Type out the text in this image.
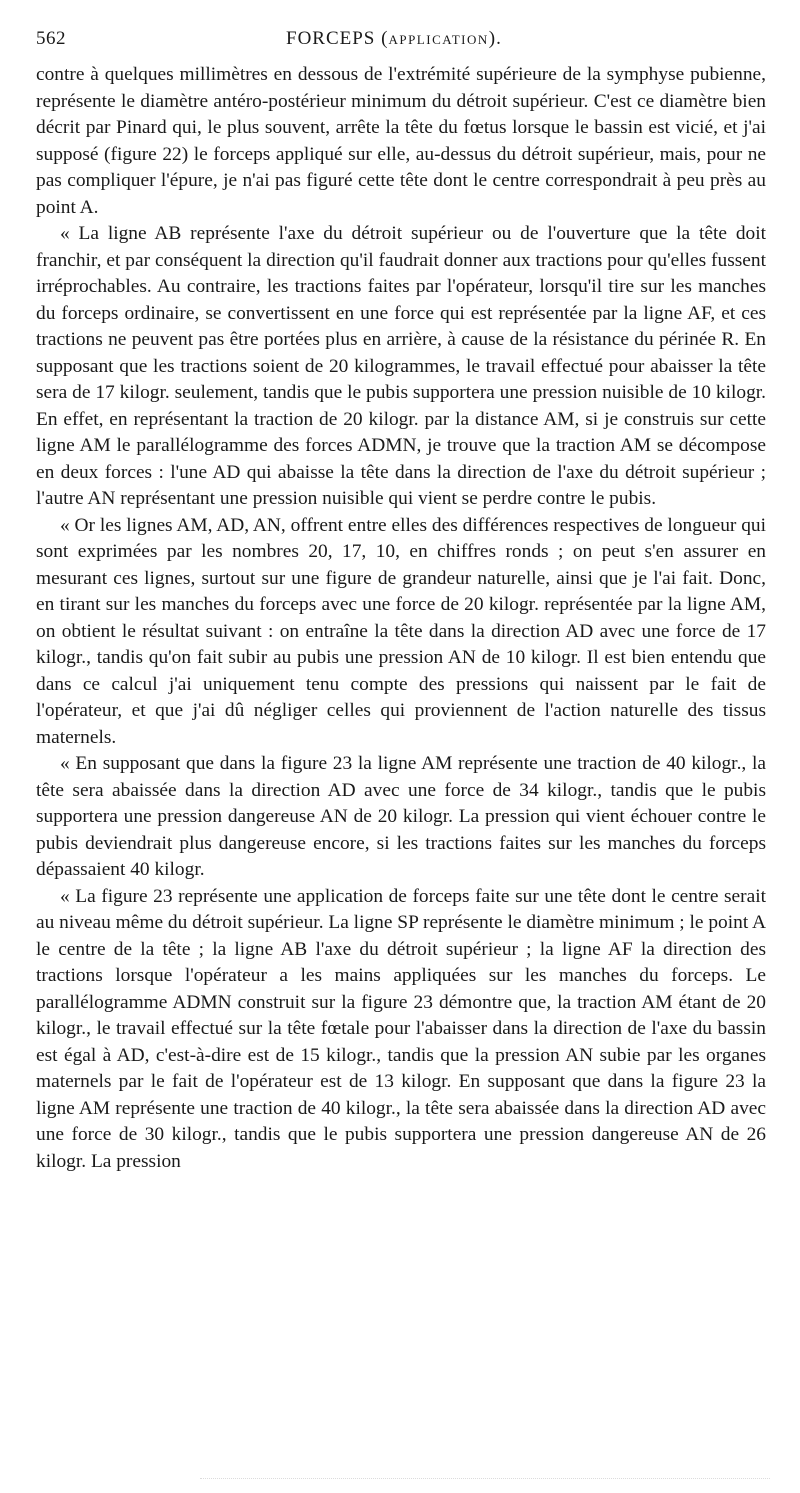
562	FORCEPS (APPLICATION).

contre à quelques millimètres en dessous de l'extrémité supérieure de la symphyse pubienne, représente le diamètre antéro-postérieur minimum du détroit supérieur. C'est ce diamètre bien décrit par Pinard qui, le plus souvent, arrête la tête du fœtus lorsque le bassin est vicié, et j'ai supposé (figure 22) le forceps appliqué sur elle, au-dessus du détroit supérieur, mais, pour ne pas compliquer l'épure, je n'ai pas figuré cette tête dont le centre correspondrait à peu près au point A.

« La ligne AB représente l'axe du détroit supérieur ou de l'ouverture que la tête doit franchir, et par conséquent la direction qu'il faudrait donner aux tractions pour qu'elles fussent irréprochables. Au contraire, les tractions faites par l'opérateur, lorsqu'il tire sur les manches du forceps ordinaire, se convertissent en une force qui est représentée par la ligne AF, et ces tractions ne peuvent pas être portées plus en arrière, à cause de la résistance du périnée R. En supposant que les tractions soient de 20 kilogrammes, le travail effectué pour abaisser la tête sera de 17 kilogr. seulement, tandis que le pubis supportera une pression nuisible de 10 kilogr. En effet, en représentant la traction de 20 kilogr. par la distance AM, si je construis sur cette ligne AM le parallélogramme des forces ADMN, je trouve que la traction AM se décompose en deux forces : l'une AD qui abaisse la tête dans la direction de l'axe du détroit supérieur ; l'autre AN représentant une pression nuisible qui vient se perdre contre le pubis.

« Or les lignes AM, AD, AN, offrent entre elles des différences respectives de longueur qui sont exprimées par les nombres 20, 17, 10, en chiffres ronds ; on peut s'en assurer en mesurant ces lignes, surtout sur une figure de grandeur naturelle, ainsi que je l'ai fait. Donc, en tirant sur les manches du forceps avec une force de 20 kilogr. représentée par la ligne AM, on obtient le résultat suivant : on entraîne la tête dans la direction AD avec une force de 17 kilogr., tandis qu'on fait subir au pubis une pression AN de 10 kilogr. Il est bien entendu que dans ce calcul j'ai uniquement tenu compte des pressions qui naissent par le fait de l'opérateur, et que j'ai dû négliger celles qui proviennent de l'action naturelle des tissus maternels.

« En supposant que dans la figure 23 la ligne AM représente une traction de 40 kilogr., la tête sera abaissée dans la direction AD avec une force de 34 kilogr., tandis que le pubis supportera une pression dangereuse AN de 20 kilogr. La pression qui vient échouer contre le pubis deviendrait plus dangereuse encore, si les tractions faites sur les manches du forceps dépassaient 40 kilogr.

« La figure 23 représente une application de forceps faite sur une tête dont le centre serait au niveau même du détroit supérieur. La ligne SP représente le diamètre minimum ; le point A le centre de la tête ; la ligne AB l'axe du détroit supérieur ; la ligne AF la direction des tractions lorsque l'opérateur a les mains appliquées sur les manches du forceps. Le parallélogramme ADMN construit sur la figure 23 démontre que, la traction AM étant de 20 kilogr., le travail effectué sur la tête fœtale pour l'abaisser dans la direction de l'axe du bassin est égal à AD, c'est-à-dire est de 15 kilogr., tandis que la pression AN subie par les organes maternels par le fait de l'opérateur est de 13 kilogr. En supposant que dans la figure 23 la ligne AM représente une traction de 40 kilogr., la tête sera abaissée dans la direction AD avec une force de 30 kilogr., tandis que le pubis supportera une pression dangereuse AN de 26 kilogr. La pression
